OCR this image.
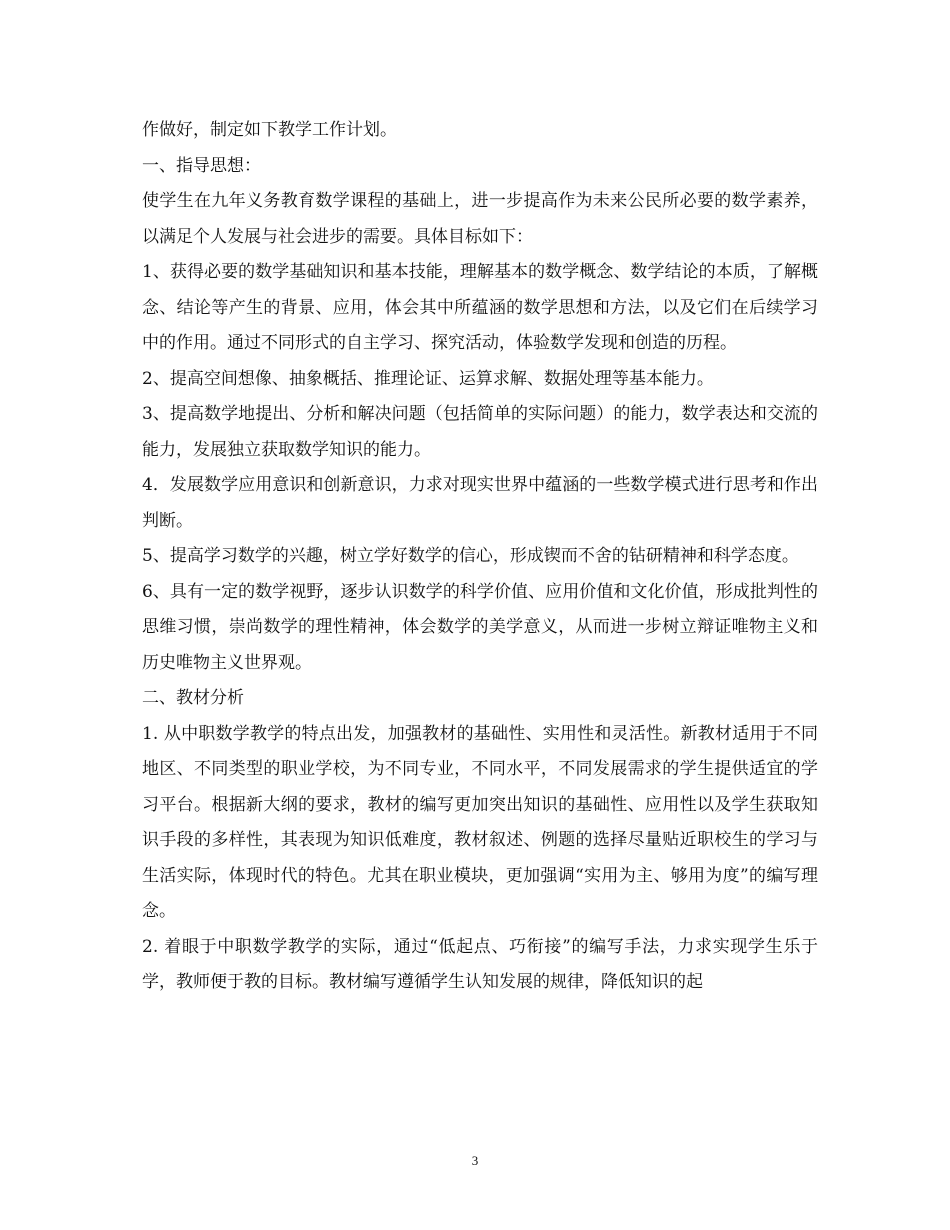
作做好，制定如下教学工作计划。

一、指导思想：

使学生在九年义务教育数学课程的基础上，进一步提高作为未来公民所必要的数学素养，以满足个人发展与社会进步的需要。具体目标如下：

1、获得必要的数学基础知识和基本技能，理解基本的数学概念、数学结论的本质，了解概念、结论等产生的背景、应用，体会其中所蕴涵的数学思想和方法，以及它们在后续学习中的作用。通过不同形式的自主学习、探究活动，体验数学发现和创造的历程。

2、提高空间想像、抽象概括、推理论证、运算求解、数据处理等基本能力。

3、提高数学地提出、分析和解决问题（包括简单的实际问题）的能力，数学表达和交流的能力，发展独立获取数学知识的能力。

4．发展数学应用意识和创新意识，力求对现实世界中蕴涵的一些数学模式进行思考和作出判断。

5、提高学习数学的兴趣，树立学好数学的信心，形成锲而不舍的钻研精神和科学态度。

6、具有一定的数学视野，逐步认识数学的科学价值、应用价值和文化价值，形成批判性的思维习惯，崇尚数学的理性精神，体会数学的美学意义，从而进一步树立辩证唯物主义和历史唯物主义世界观。

二、教材分析

1. 从中职数学教学的特点出发，加强教材的基础性、实用性和灵活性。新教材适用于不同地区、不同类型的职业学校，为不同专业，不同水平，不同发展需求的学生提供适宜的学习平台。根据新大纲的要求，教材的编写更加突出知识的基础性、应用性以及学生获取知识手段的多样性，其表现为知识低难度，教材叙述、例题的选择尽量贴近职校生的学习与生活实际，体现时代的特色。尤其在职业模块，更加强调“实用为主、够用为度”的编写理念。

2. 着眼于中职数学教学的实际，通过“低起点、巧衔接”的编写手法，力求实现学生乐于学，教师便于教的目标。教材编写遵循学生认知发展的规律，降低知识的起

3
